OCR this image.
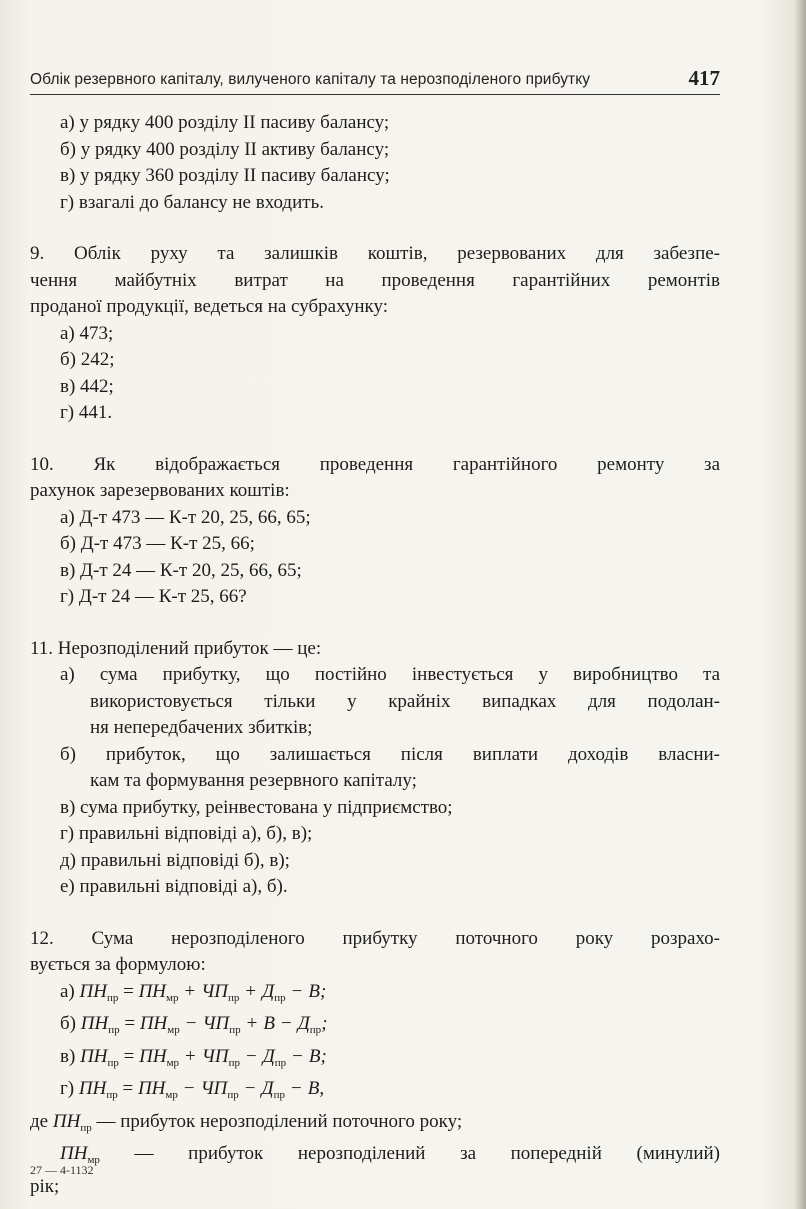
Облік резервного капіталу, вилученого капіталу та нерозподіленого прибутку	417
а) у рядку 400 розділу ІІ пасиву балансу;
б) у рядку 400 розділу ІІ активу балансу;
в) у рядку 360 розділу ІІ пасиву балансу;
г) взагалі до балансу не входить.
9. Облік руху та залишків коштів, резервованих для забезпе-
чення майбутніх витрат на проведення гарантійних ремонтів
проданої продукції, ведеться на субрахунку:
а) 473;
б) 242;
в) 442;
г) 441.
10. Як відображається проведення гарантійного ремонту за
рахунок зарезервованих коштів:
а) Д-т 473 — К-т 20, 25, 66, 65;
б) Д-т 473 — К-т 25, 66;
в) Д-т 24 — К-т 20, 25, 66, 65;
г) Д-т 24 — К-т 25, 66?
11. Нерозподілений прибуток — це:
а) сума прибутку, що постійно інвестується у виробництво та
використовується тільки у крайніх випадках для подолан-
ня непередбачених збитків;
б) прибуток, що залишається після виплати доходів власни-
кам та формування резервного капіталу;
в) сума прибутку, реінвестована у підприємство;
г) правильні відповіді а), б), в);
д) правильні відповіді б), в);
е) правильні відповіді а), б).
12. Сума нерозподіленого прибутку поточного року розрахо-
вується за формулою:
а) $ПН_{пр} = ПН_{мр} + ЧП_{пр} + Д_{пр} - В$;
б) $ПН_{пр} = ПН_{мр} - ЧП_{пр} + В - Д_{пр}$;
в) $ПН_{пр} = ПН_{мр} + ЧП_{пр} - Д_{пр} - В$;
г) $ПН_{пр} = ПН_{мр} - ЧП_{пр} - Д_{пр} - В$,
де $ПН_{пр}$ — прибуток нерозподілений поточного року;
$ПН_{мр}$ — прибуток нерозподілений за попередній (минулий)
рік;
27 — 4-1132
